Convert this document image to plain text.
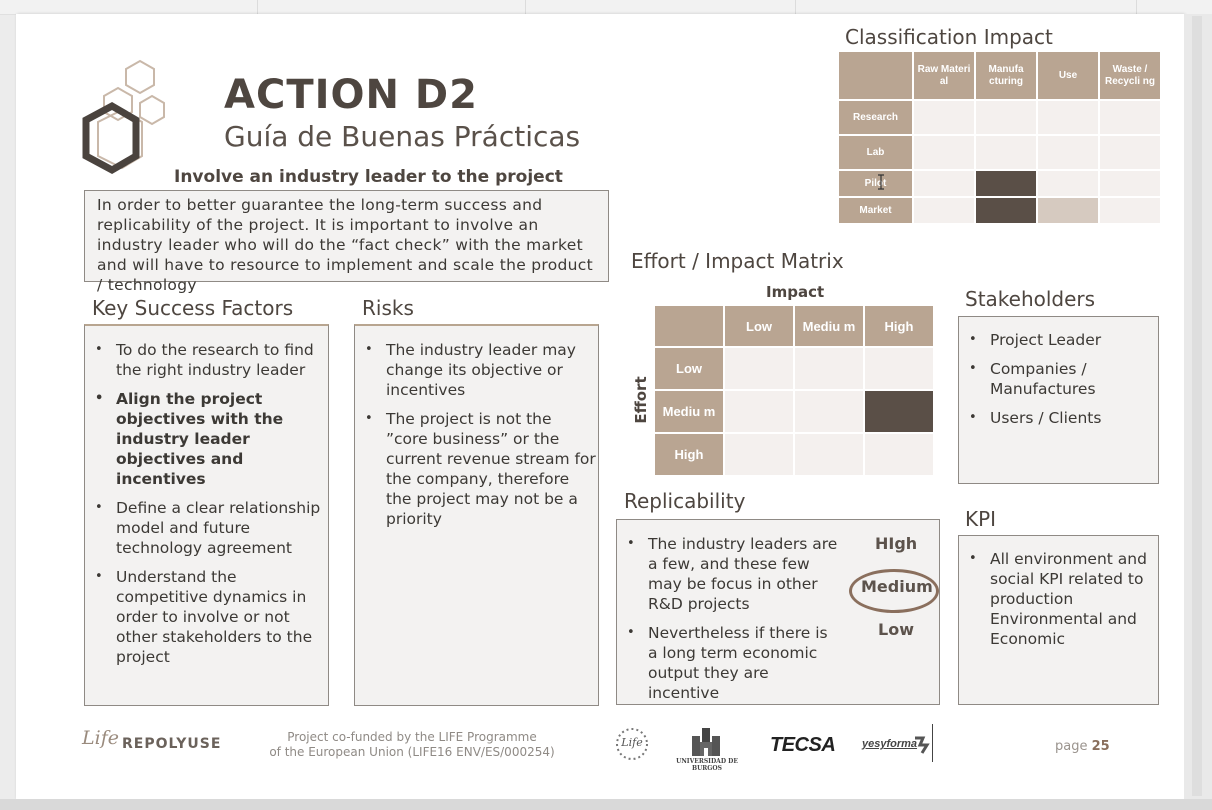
ACTION D2
Guía de Buenas Prácticas
Involve an industry leader to the project
In order to better guarantee the long-term success and replicability of the project. It is important to involve an industry leader who will do the “fact check” with the market and will have to resource to implement and scale the product / technology
Key Success Factors
• To do the research to find the right industry leader
• Align the project objectives with the industry leader objectives and incentives
• Define a clear relationship model and future technology agreement
• Understand the competitive dynamics in order to involve or not other stakeholders to the project
Risks
• The industry leader may change its objective or incentives
• The project is not the ”core business” or the current revenue stream for the company, therefore the project may not be a priority
Classification Impact
	Raw Materi al	Manufa cturing	Use	Waste / Recycli ng
Research				
Lab				
Pilot				
Market				
Effort / Impact Matrix
Impact
Effort
	Low	Mediu m	High
Low			
Mediu m			
High			
Stakeholders
• Project Leader
• Companies / Manufactures
• Users / Clients
Replicability
• The industry leaders are a few, and these few may be focus in other R&D projects
• Nevertheless if there is a long term economic output they are incentive
HIgh
Medium
Low
KPI
• All environment and social KPI related to production Environmental and Economic
Life REPOLYUSE	Project co-funded by the LIFE Programme
of the European Union (LIFE16 ENV/ES/000254)
Life
UNIVERSIDAD DE BURGOS
TECSA yesyforma	page 25
